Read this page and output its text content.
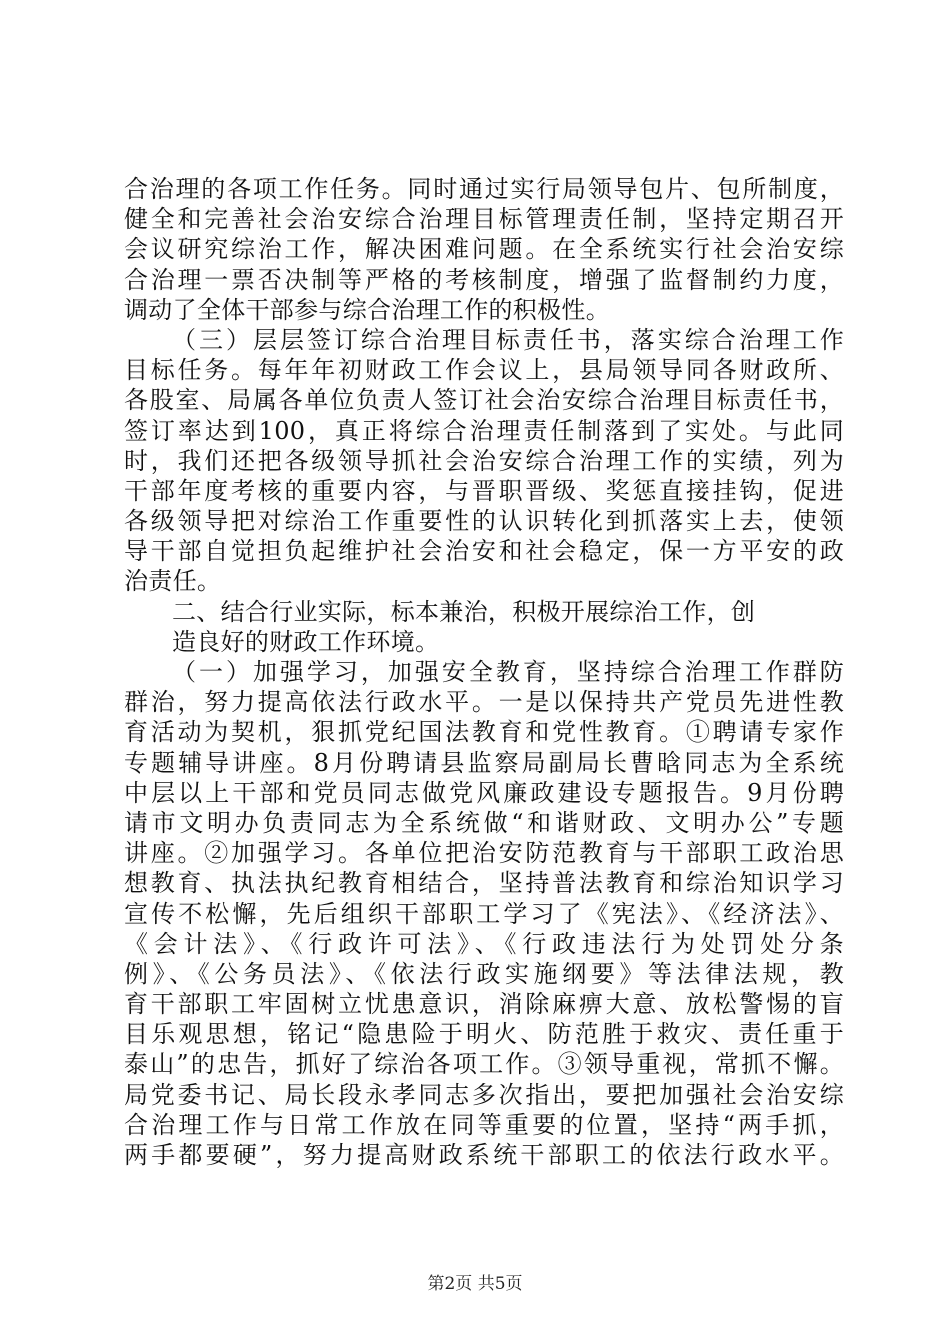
合治理的各项工作任务。同时通过实行局领导包片、包所制度，
健全和完善社会治安综合治理目标管理责任制，坚持定期召开
会议研究综治工作，解决困难问题。在全系统实行社会治安综
合治理一票否决制等严格的考核制度，增强了监督制约力度，
调动了全体干部参与综合治理工作的积极性。
（三）层层签订综合治理目标责任书，落实综合治理工作
目标任务。每年年初财政工作会议上，县局领导同各财政所、
各股室、局属各单位负责人签订社会治安综合治理目标责任书，
签订率达到100，真正将综合治理责任制落到了实处。与此同
时，我们还把各级领导抓社会治安综合治理工作的实绩，列为
干部年度考核的重要内容，与晋职晋级、奖惩直接挂钩，促进
各级领导把对综治工作重要性的认识转化到抓落实上去，使领
导干部自觉担负起维护社会治安和社会稳定，保一方平安的政
治责任。
二、结合行业实际，标本兼治，积极开展综治工作，创
造良好的财政工作环境。
（一）加强学习，加强安全教育，坚持综合治理工作群防
群治，努力提高依法行政水平。一是以保持共产党员先进性教
育活动为契机，狠抓党纪国法教育和党性教育。①聘请专家作
专题辅导讲座。8月份聘请县监察局副局长曹晗同志为全系统
中层以上干部和党员同志做党风廉政建设专题报告。9月份聘
请市文明办负责同志为全系统做“和谐财政、文明办公”专题
讲座。②加强学习。各单位把治安防范教育与干部职工政治思
想教育、执法执纪教育相结合，坚持普法教育和综治知识学习
宣传不松懈，先后组织干部职工学习了《宪法》、《经济法》、
《会计法》、《行政许可法》、《行政违法行为处罚处分条
例》、《公务员法》、《依法行政实施纲要》等法律法规，教
育干部职工牢固树立忧患意识，消除麻痹大意、放松警惕的盲
目乐观思想，铭记“隐患险于明火、防范胜于救灾、责任重于
泰山”的忠告，抓好了综治各项工作。③领导重视，常抓不懈。
局党委书记、局长段永孝同志多次指出，要把加强社会治安综
合治理工作与日常工作放在同等重要的位置，坚持“两手抓，
两手都要硬”，努力提高财政系统干部职工的依法行政水平。
第2页 共5页
